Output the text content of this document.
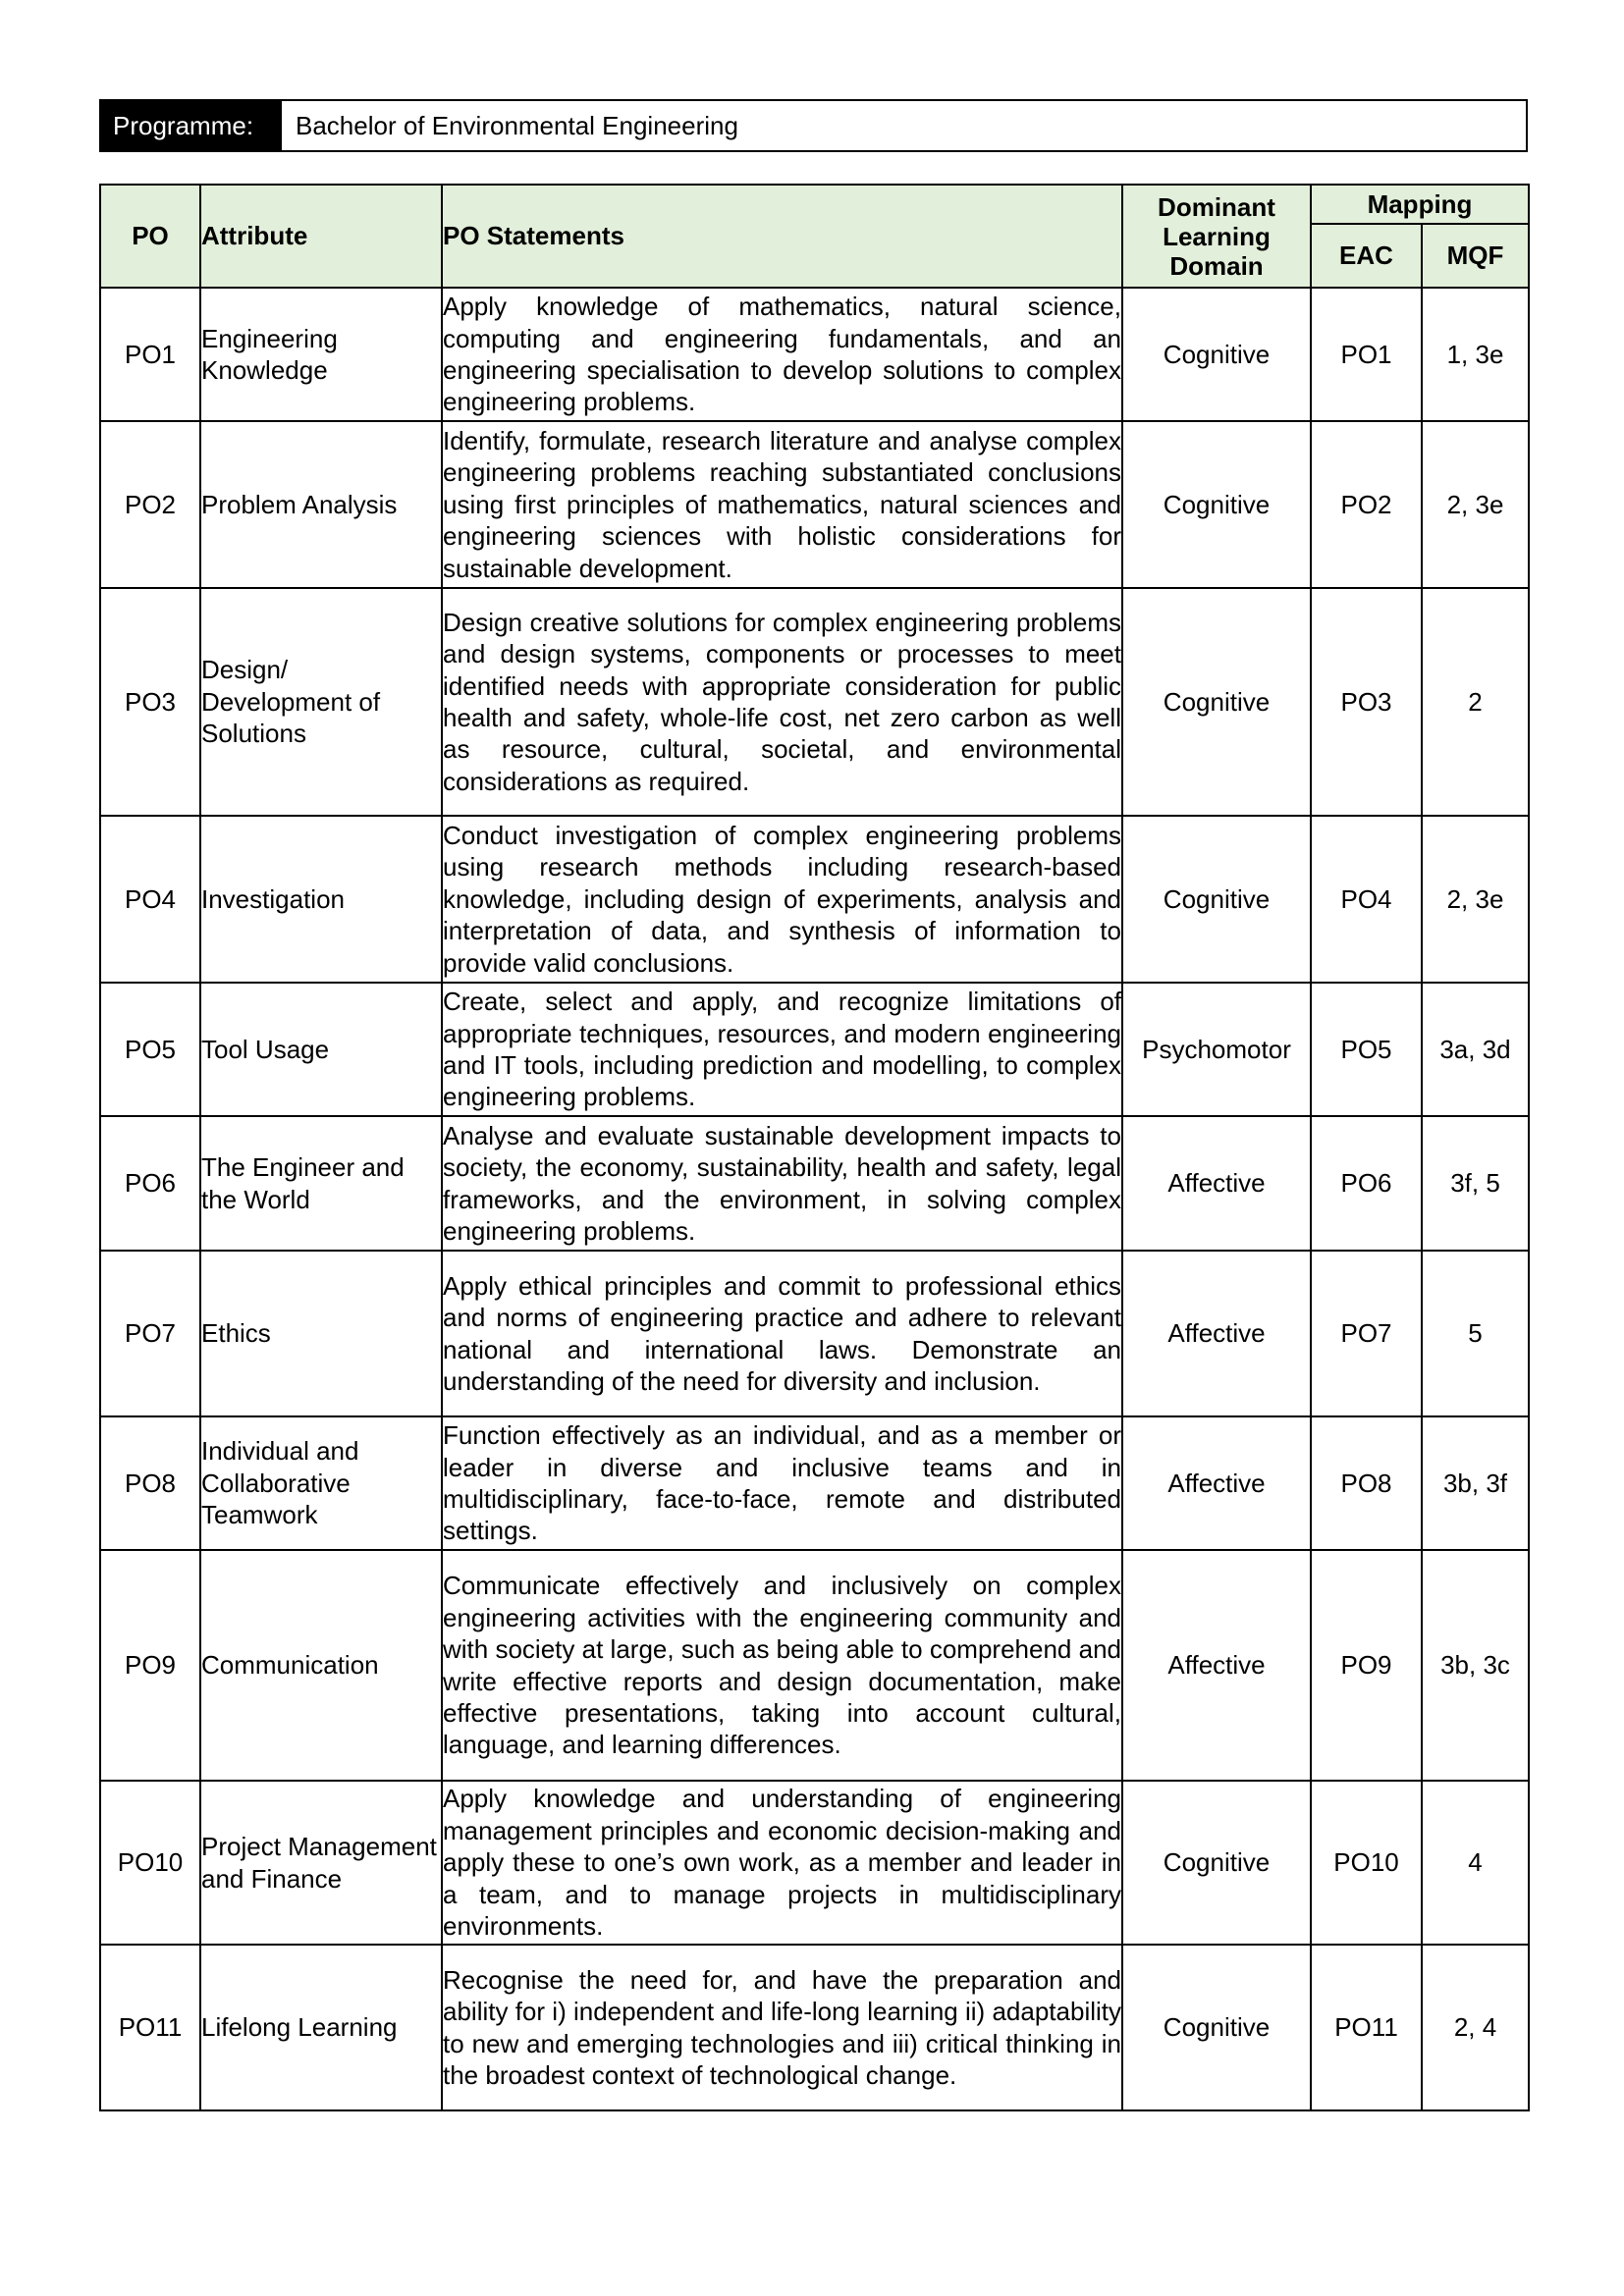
Programme:	Bachelor of Environmental Engineering
PO	Attribute	PO Statements	Dominant Learning Domain	Mapping	
				EAC	MQF

PO1	Engineering Knowledge	Apply knowledge of mathematics, natural science, computing and engineering fundamentals, and an engineering specialisation to develop solutions to complex engineering problems.	Cognitive	PO1	1, 3e

PO2	Problem Analysis	Identify, formulate, research literature and analyse complex engineering problems reaching substantiated conclusions using first principles of mathematics, natural sciences and engineering sciences with holistic considerations for sustainable development.	Cognitive	PO2	2, 3e

PO3	Design/ Development of Solutions	Design creative solutions for complex engineering problems and design systems, components or processes to meet identified needs with appropriate consideration for public health and safety, whole-life cost, net zero carbon as well as resource, cultural, societal, and environmental considerations as required.	Cognitive	PO3	2

PO4	Investigation	Conduct investigation of complex engineering problems using research methods including research-based knowledge, including design of experiments, analysis and interpretation of data, and synthesis of information to provide valid conclusions.	Cognitive	PO4	2, 3e

PO5	Tool Usage	Create, select and apply, and recognize limitations of appropriate techniques, resources, and modern engineering and IT tools, including prediction and modelling, to complex engineering problems.	Psychomotor	PO5	3a, 3d

PO6	The Engineer and the World	Analyse and evaluate sustainable development impacts to society, the economy, sustainability, health and safety, legal frameworks, and the environment, in solving complex engineering problems.	Affective	PO6	3f, 5

PO7	Ethics	Apply ethical principles and commit to professional ethics and norms of engineering practice and adhere to relevant national and international laws. Demonstrate an understanding of the need for diversity and inclusion.	Affective	PO7	5

PO8	Individual and Collaborative Teamwork	Function effectively as an individual, and as a member or leader in diverse and inclusive teams and in multidisciplinary, face-to-face, remote and distributed settings.	Affective	PO8	3b, 3f

PO9	Communication	Communicate effectively and inclusively on complex engineering activities with the engineering community and with society at large, such as being able to comprehend and write effective reports and design documentation, make effective presentations, taking into account cultural, language, and learning differences.	Affective	PO9	3b, 3c

PO10	Project Management and Finance	Apply knowledge and understanding of engineering management principles and economic decision-making and apply these to one’s own work, as a member and leader in a team, and to manage projects in multidisciplinary environments.	Cognitive	PO10	4

PO11	Lifelong Learning	Recognise the need for, and have the preparation and ability for i) independent and life-long learning ii) adaptability to new and emerging technologies and iii) critical thinking in the broadest context of technological change.	Cognitive	PO11	2, 4
